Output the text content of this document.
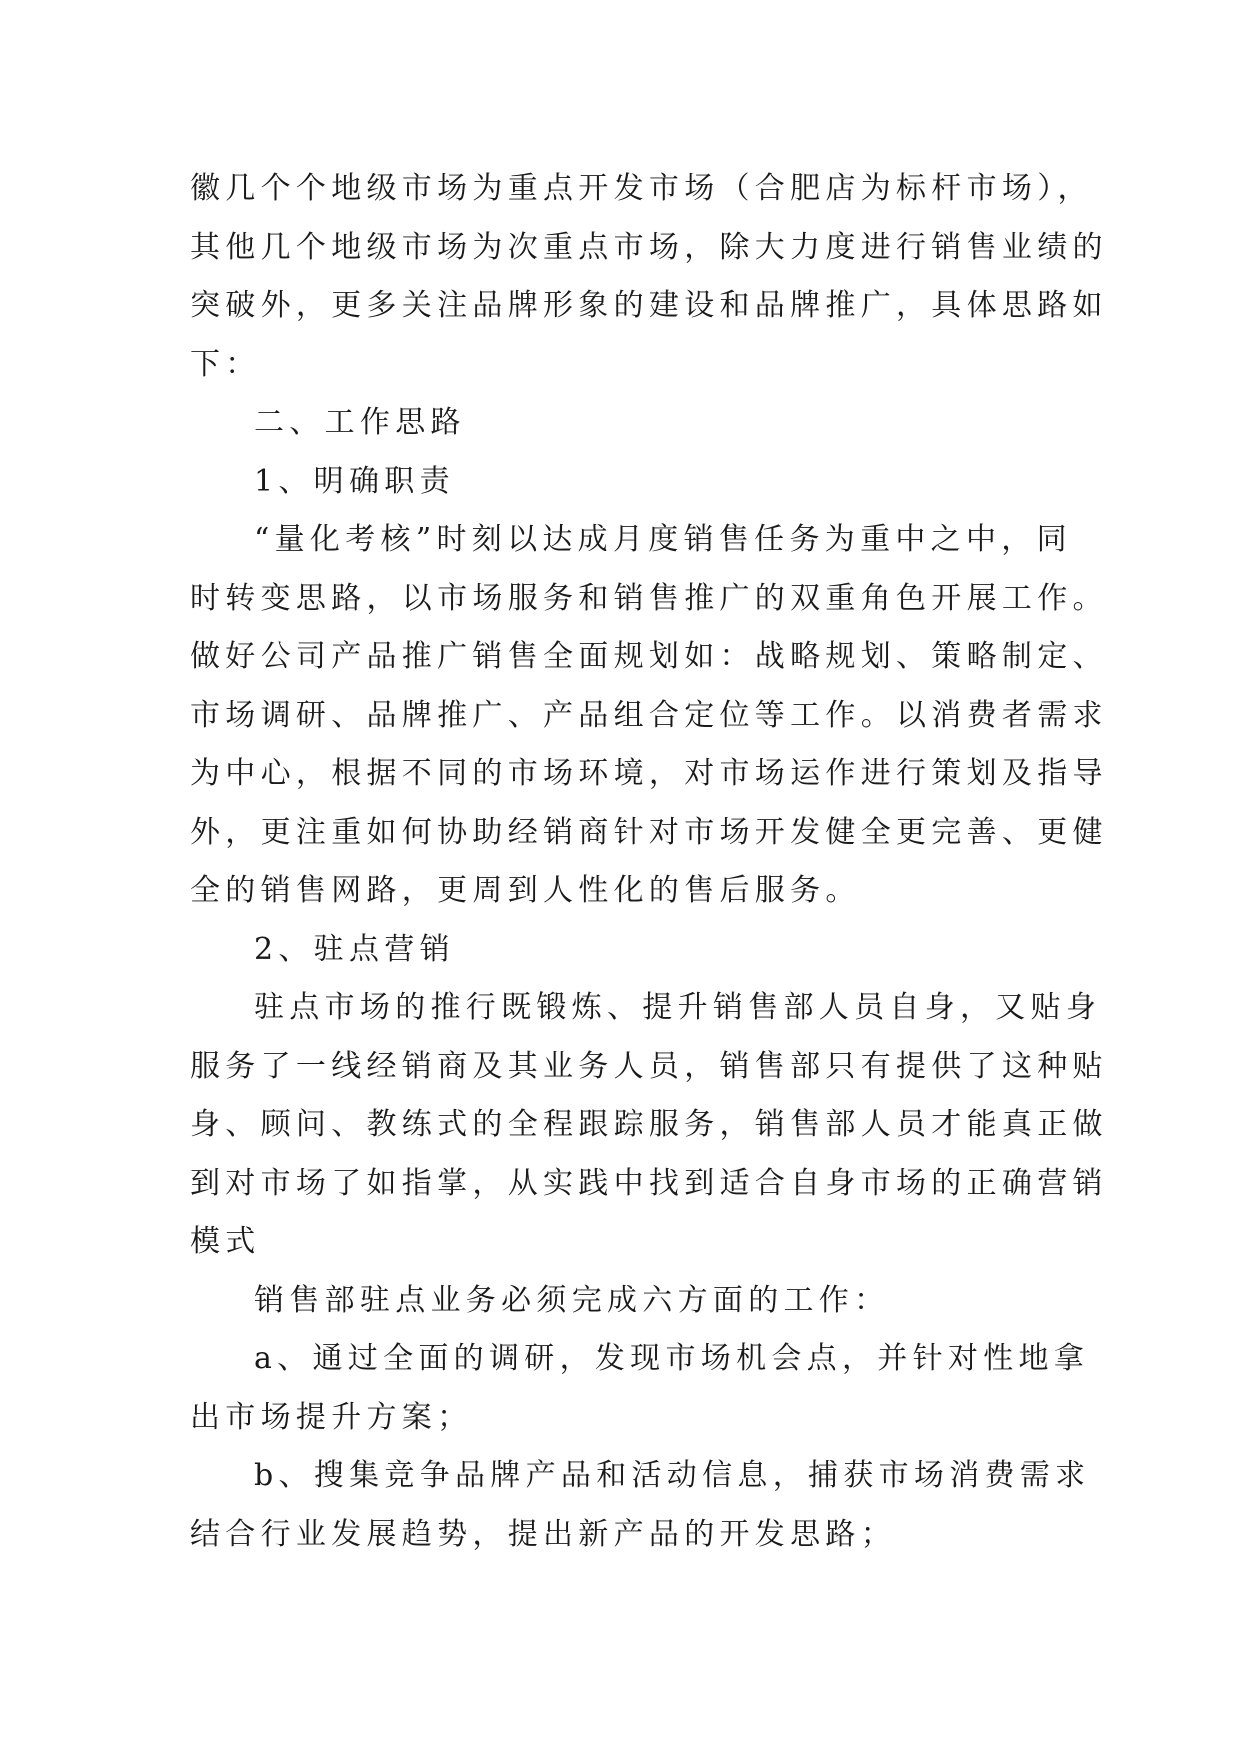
徽几个个地级市场为重点开发市场（合肥店为标杆市场），
其他几个地级市场为次重点市场，除大力度进行销售业绩的
突破外，更多关注品牌形象的建设和品牌推广，具体思路如
下：
二、工作思路
1、明确职责
“量化考核”时刻以达成月度销售任务为重中之中，同
时转变思路，以市场服务和销售推广的双重角色开展工作。
做好公司产品推广销售全面规划如：战略规划、策略制定、
市场调研、品牌推广、产品组合定位等工作。以消费者需求
为中心，根据不同的市场环境，对市场运作进行策划及指导
外，更注重如何协助经销商针对市场开发健全更完善、更健
全的销售网路，更周到人性化的售后服务。
2、驻点营销
驻点市场的推行既锻炼、提升销售部人员自身，又贴身
服务了一线经销商及其业务人员，销售部只有提供了这种贴
身、顾问、教练式的全程跟踪服务，销售部人员才能真正做
到对市场了如指掌，从实践中找到适合自身市场的正确营销
模式
销售部驻点业务必须完成六方面的工作：
a、通过全面的调研，发现市场机会点，并针对性地拿
出市场提升方案；
b、搜集竞争品牌产品和活动信息，捕获市场消费需求
结合行业发展趋势，提出新产品的开发思路；
